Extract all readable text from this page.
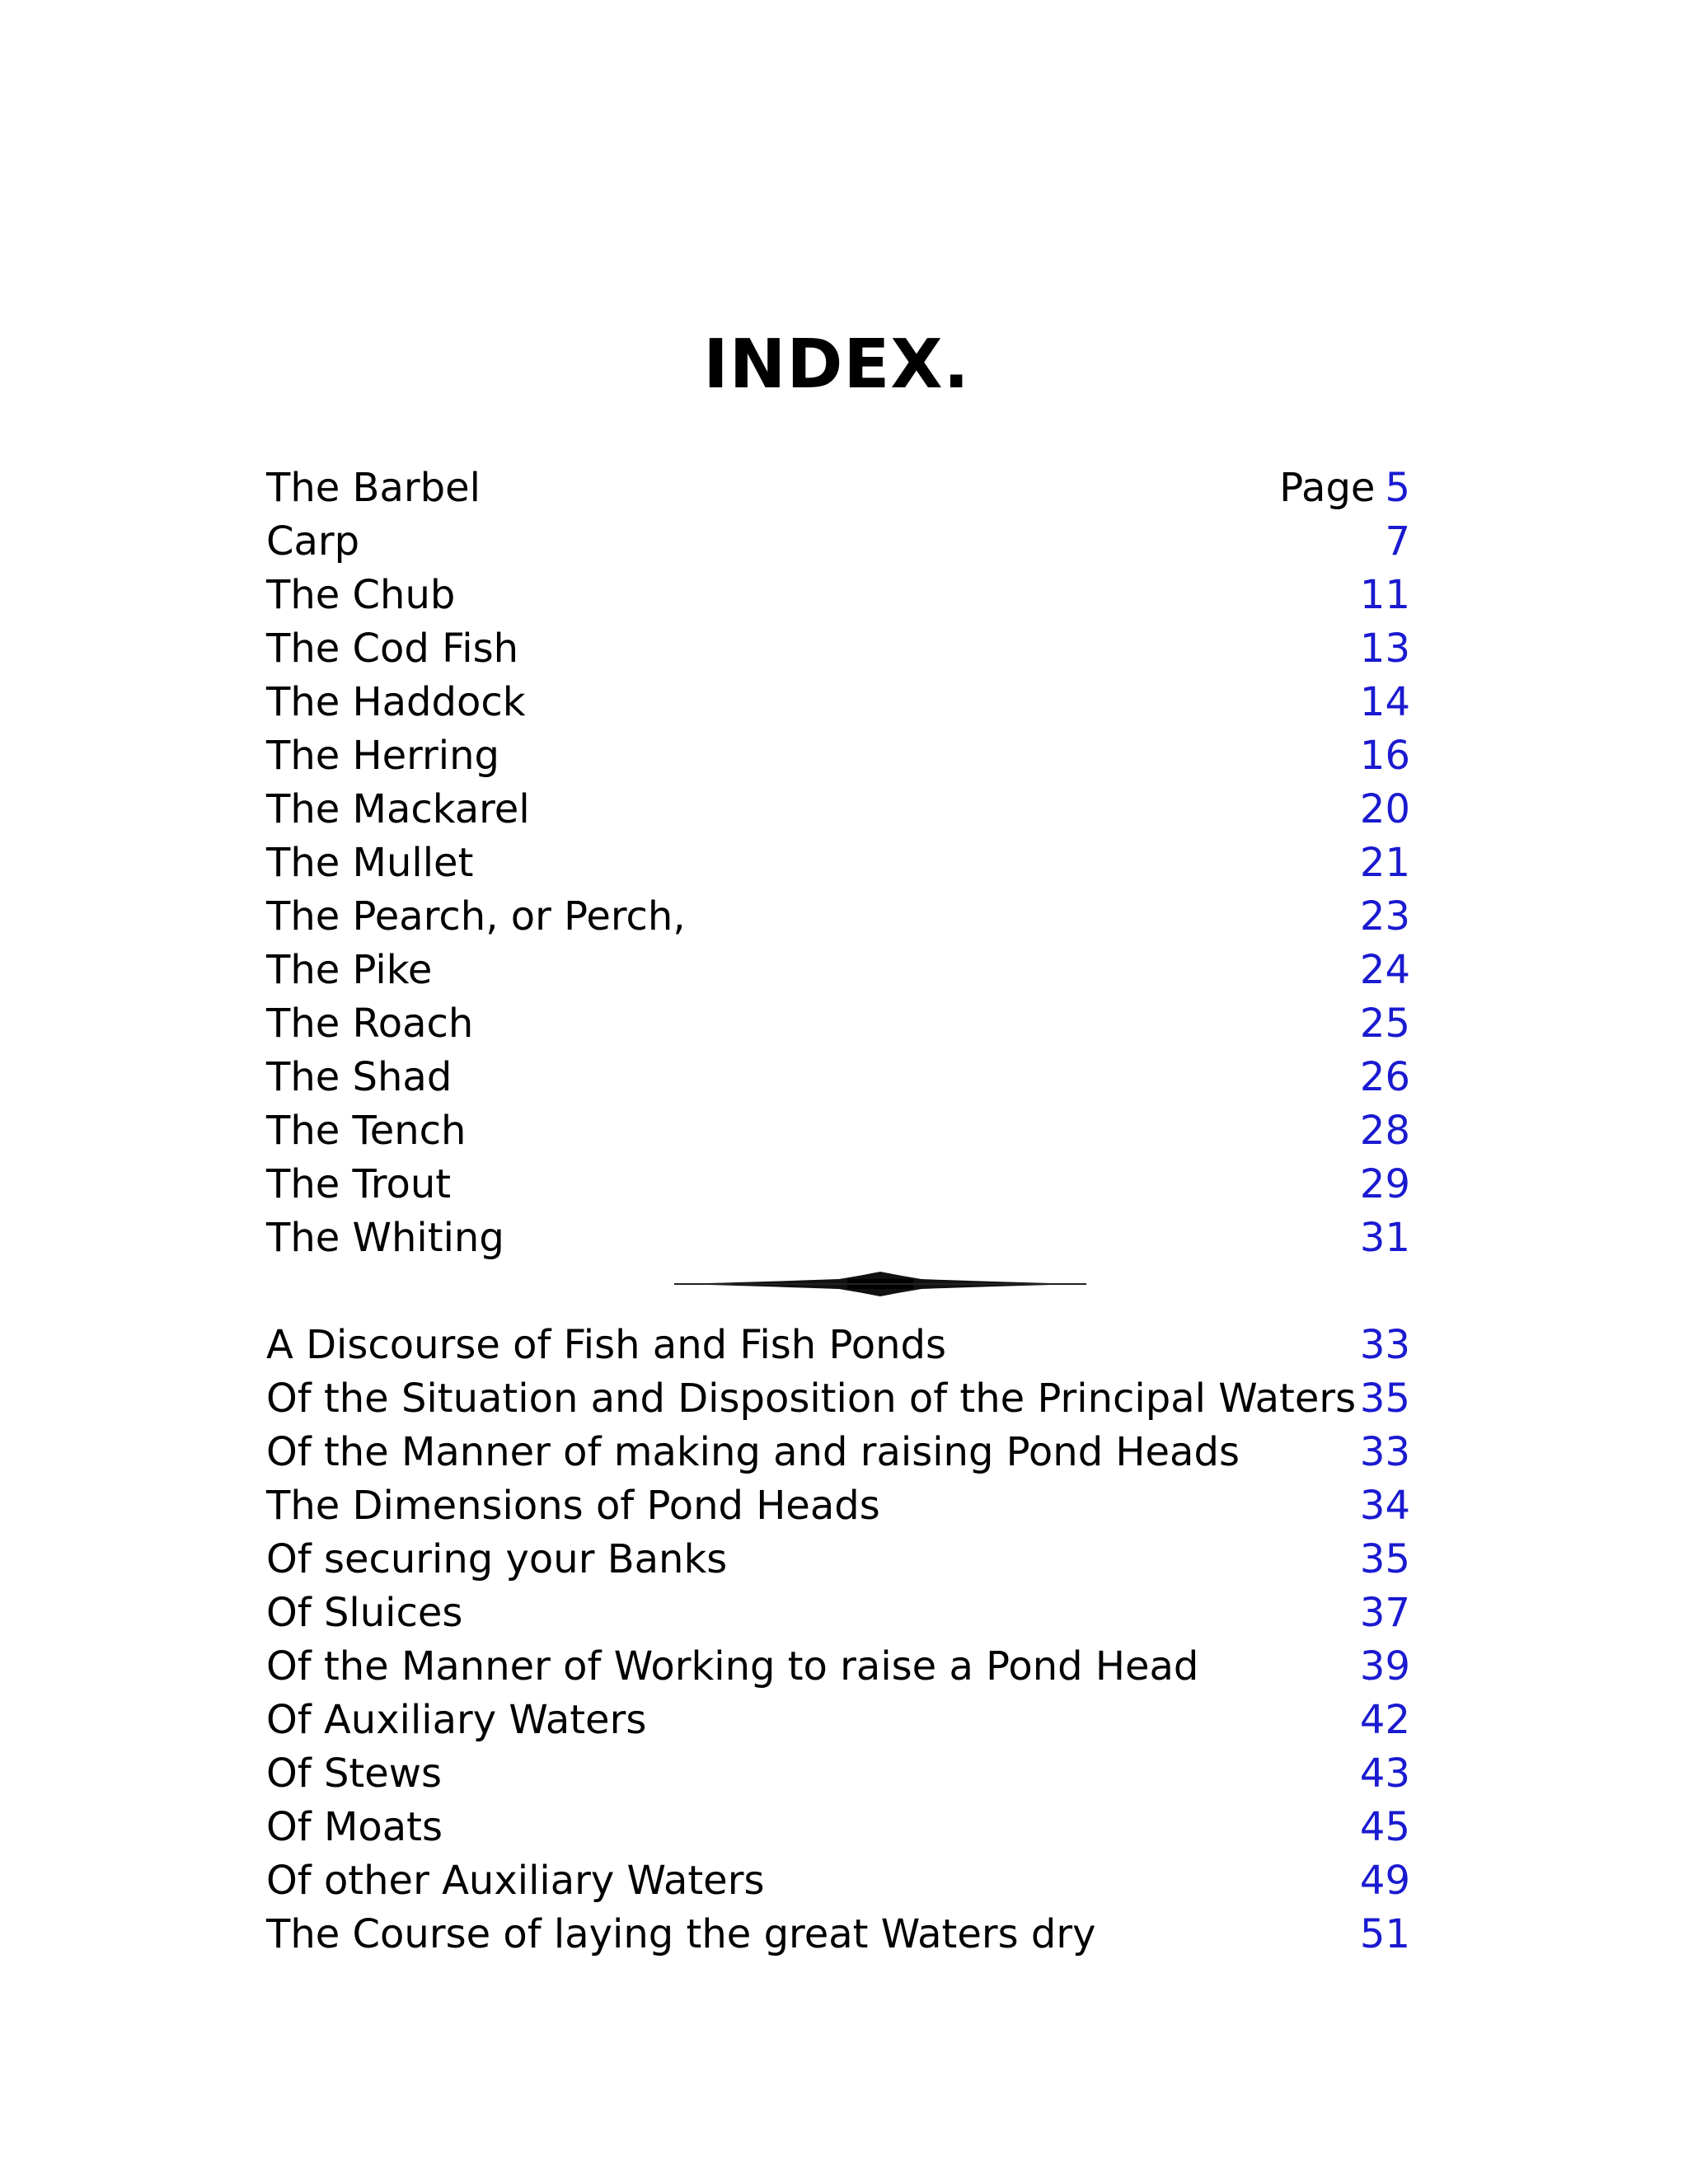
INDEX.
The Barbel	Page 5
Carp	7
The Chub	11
The Cod Fish	13
The Haddock	14
The Herring	16
The Mackarel	20
The Mullet	21
The Pearch, or Perch,	23
The Pike	24
The Roach	25
The Shad	26
The Tench	28
The Trout	29
The Whiting	31
A Discourse of Fish and Fish Ponds	33
Of the Situation and Disposition of the Principal Waters 35
Of the Manner of making and raising Pond Heads	33
The Dimensions of Pond Heads	34
Of securing your Banks	35
Of Sluices	37
Of the Manner of Working to raise a Pond Head	39
Of Auxiliary Waters	42
Of Stews	43
Of Moats	45
Of other Auxiliary Waters	49
The Course of laying the great Waters dry	51
